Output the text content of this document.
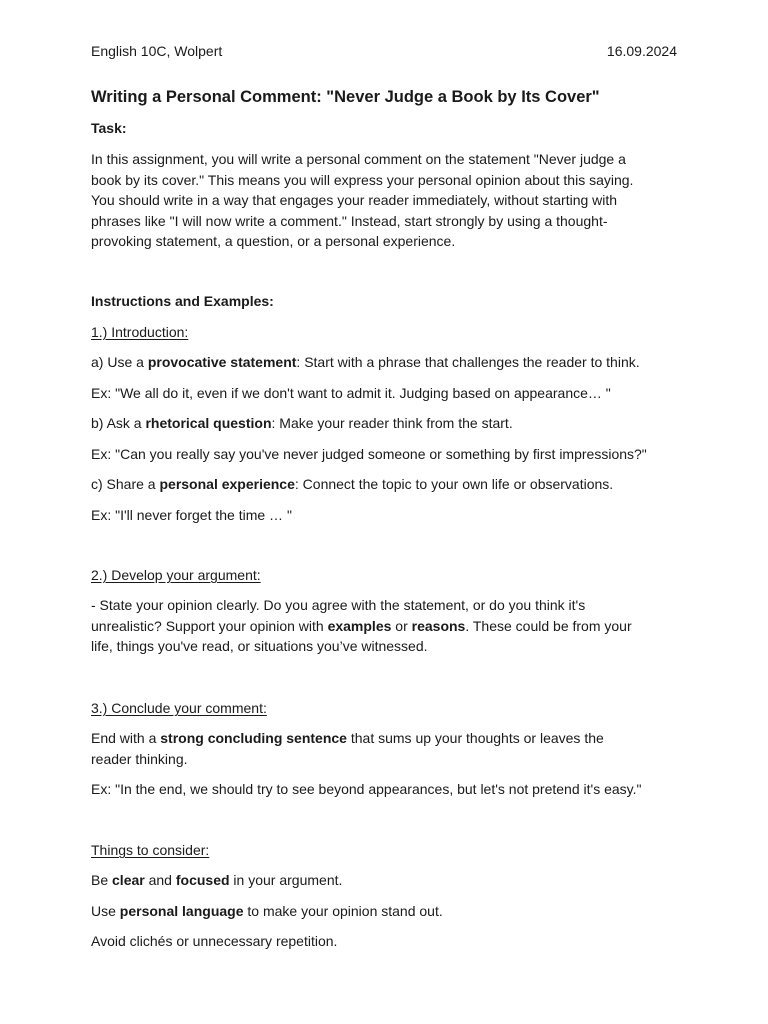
English 10C, Wolpert	16.09.2024
Writing a Personal Comment: "Never Judge a Book by Its Cover"
Task:
In this assignment, you will write a personal comment on the statement "Never judge a
book by its cover." This means you will express your personal opinion about this saying.
You should write in a way that engages your reader immediately, without starting with
phrases like "I will now write a comment." Instead, start strongly by using a thought-
provoking statement, a question, or a personal experience.
Instructions and Examples:
1.) Introduction:
a) Use a provocative statement: Start with a phrase that challenges the reader to think.
Ex: "We all do it, even if we don't want to admit it. Judging based on appearance… "
b) Ask a rhetorical question: Make your reader think from the start.
Ex: "Can you really say you've never judged someone or something by first impressions?"
c) Share a personal experience: Connect the topic to your own life or observations.
Ex: "I'll never forget the time … "
2.) Develop your argument:
- State your opinion clearly. Do you agree with the statement, or do you think it's
unrealistic? Support your opinion with examples or reasons. These could be from your
life, things you've read, or situations you’ve witnessed.
3.) Conclude your comment:
End with a strong concluding sentence that sums up your thoughts or leaves the
reader thinking.
Ex: "In the end, we should try to see beyond appearances, but let's not pretend it's easy."
Things to consider:
Be clear and focused in your argument.
Use personal language to make your opinion stand out.
Avoid clichés or unnecessary repetition.
